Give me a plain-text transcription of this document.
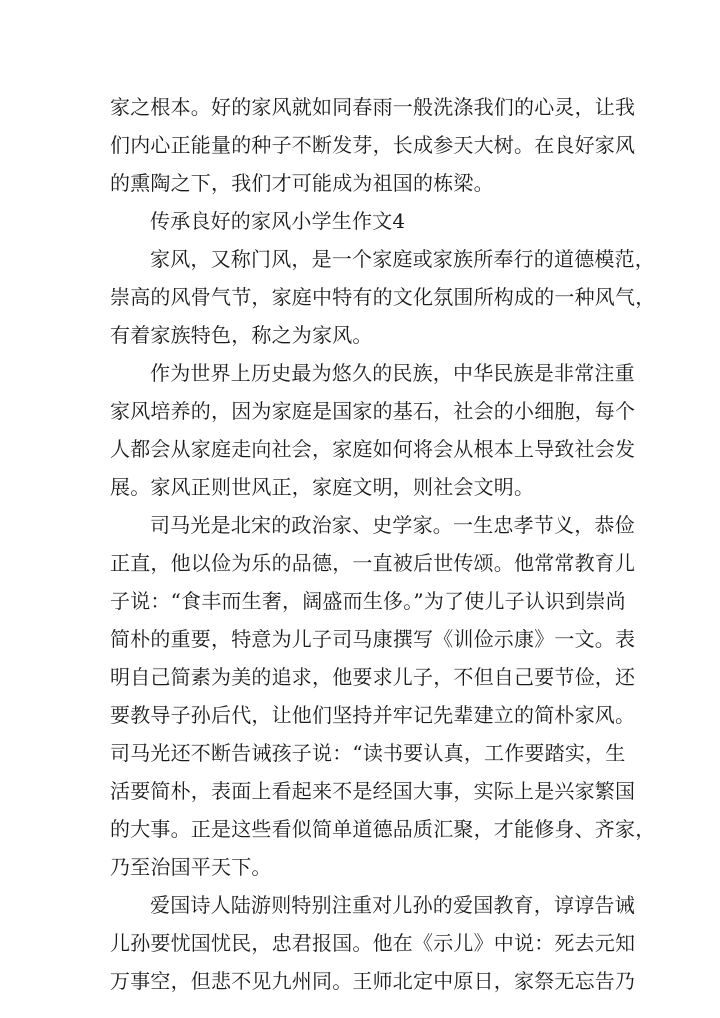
家之根本。好的家风就如同春雨一般洗涤我们的心灵，让我
们内心正能量的种子不断发芽，长成参天大树。在良好家风
的熏陶之下，我们才可能成为祖国的栋梁。
传承良好的家风小学生作文4
家风，又称门风，是一个家庭或家族所奉行的道德模范，
崇高的风骨气节，家庭中特有的文化氛围所构成的一种风气，
有着家族特色，称之为家风。
作为世界上历史最为悠久的民族，中华民族是非常注重
家风培养的，因为家庭是国家的基石，社会的小细胞，每个
人都会从家庭走向社会，家庭如何将会从根本上导致社会发
展。家风正则世风正，家庭文明，则社会文明。
司马光是北宋的政治家、史学家。一生忠孝节义，恭俭
正直，他以俭为乐的品德，一直被后世传颂。他常常教育儿
子说：“食丰而生奢，阔盛而生侈。”为了使儿子认识到崇尚
简朴的重要，特意为儿子司马康撰写《训俭示康》一文。表
明自己简素为美的追求，他要求儿子，不但自己要节俭，还
要教导子孙后代，让他们坚持并牢记先辈建立的简朴家风。
司马光还不断告诫孩子说：“读书要认真，工作要踏实，生
活要简朴，表面上看起来不是经国大事，实际上是兴家繁国
的大事。正是这些看似简单道德品质汇聚，才能修身、齐家，
乃至治国平天下。
爱国诗人陆游则特别注重对儿孙的爱国教育，谆谆告诫
儿孙要忧国忧民，忠君报国。他在《示儿》中说：死去元知
万事空，但悲不见九州同。王师北定中原日，家祭无忘告乃
